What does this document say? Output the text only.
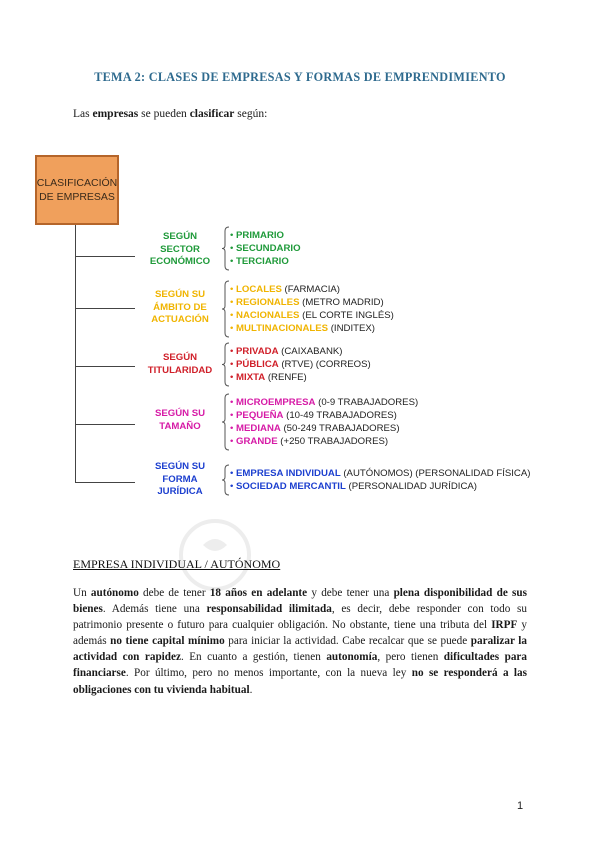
TEMA 2: CLASES DE EMPRESAS Y FORMAS DE EMPRENDIMIENTO
Las empresas se pueden clasificar según:
CLASIFICACIÓN
DE EMPRESAS
SEGÚN
SECTOR
ECONÓMICO
• PRIMARIO
• SECUNDARIO
• TERCIARIO
SEGÚN SU
ÁMBITO DE
ACTUACIÓN
• LOCALES (FARMACIA)
• REGIONALES (METRO MADRID)
• NACIONALES (EL CORTE INGLÉS)
• MULTINACIONALES (INDITEX)
SEGÚN
TITULARIDAD
• PRIVADA (CAIXABANK)
• PÚBLICA (RTVE) (CORREOS)
• MIXTA (RENFE)
SEGÚN SU
TAMAÑO
• MICROEMPRESA (0-9 TRABAJADORES)
• PEQUEÑA (10-49 TRABAJADORES)
• MEDIANA (50-249 TRABAJADORES)
• GRANDE (+250 TRABAJADORES)
SEGÚN SU
FORMA
JURÍDICA
• EMPRESA INDIVIDUAL (AUTÓNOMOS) (PERSONALIDAD FÍSICA)
• SOCIEDAD MERCANTIL (PERSONALIDAD JURÍDICA)
EMPRESA INDIVIDUAL / AUTÓNOMO
Un autónomo debe de tener 18 años en adelante y debe tener una plena disponibilidad de sus bienes. Además tiene una responsabilidad ilimitada, es decir, debe responder con todo su patrimonio presente o futuro para cualquier obligación. No obstante, tiene una tributa del IRPF y además no tiene capital mínimo para iniciar la actividad. Cabe recalcar que se puede paralizar la actividad con rapidez. En cuanto a gestión, tienen autonomía, pero tienen dificultades para financiarse. Por último, pero no menos importante, con la nueva ley no se responderá a las obligaciones con tu vivienda habitual.
1
